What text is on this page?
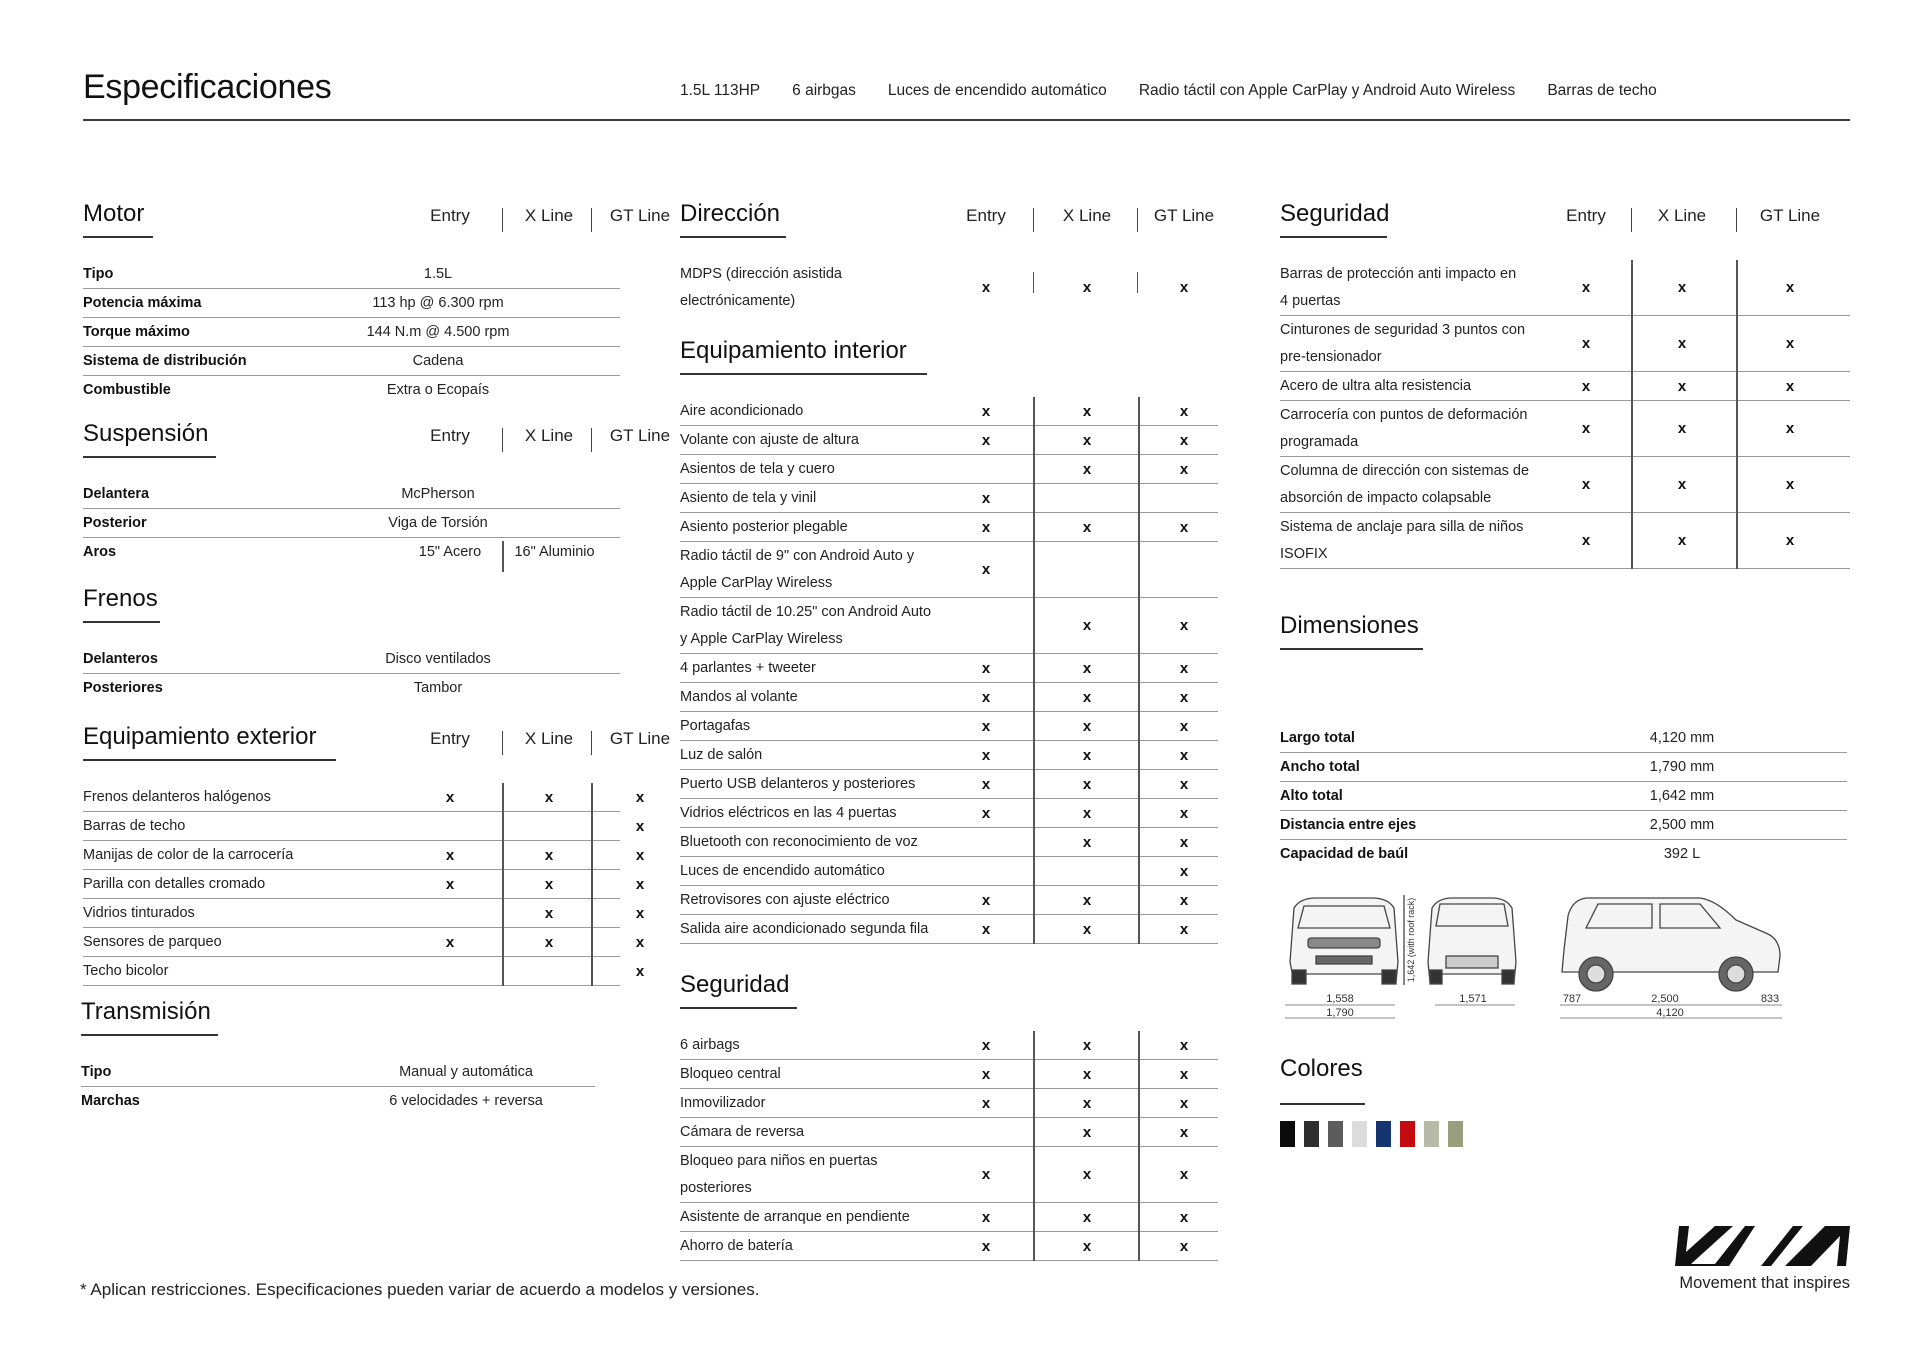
Especificaciones	1.5L 113HP 6 airbgas Luces de encendido automático Radio táctil con Apple CarPlay y Android Auto Wireless Barras de techo
Motor	Entry	X Line GT Line
Tipo	1.5L
Potencia máxima	113 hp @ 6.300 rpm
Torque máximo	144 N.m @ 4.500 rpm
Sistema de distribución	Cadena
Combustible	Extra o Ecopaís
Suspensión	Entry	X Line GT Line
Delantera	McPherson
Posterior	Viga de Torsión
Aros	15" Acero 16" Aluminio
Frenos
Delanteros	Disco ventilados
Posteriores	Tambor
Equipamiento exterior	Entry	X Line GT Line
Frenos delanteros halógenos	x	x	x
Barras de techo	x
Manijas de color de la carrocería	x	x	x
Parilla con detalles cromado	x	x	x
Vidrios tinturados	x	x
Sensores de parqueo	x	x	x
Techo bicolor	x
Transmisión
Tipo	Manual y automática
Marchas	6 velocidades + reversa
Dirección	Entry	X Line	GT Line
MDPS (dirección asistida
electrónicamente)
x	x	x
Equipamiento interior
Aire acondicionado	x	x	x
Volante con ajuste de altura	x	x	x
Asientos de tela y cuero	x	x
Asiento de tela y vinil	x
Asiento posterior plegable	x	x	x
Radio táctil de 9" con Android Auto y
Apple CarPlay Wireless
x
Radio táctil de 10.25" con Android Auto
y Apple CarPlay Wireless
x	x
4 parlantes + tweeter	x	x	x
Mandos al volante	x	x	x
Portagafas	x	x	x
Luz de salón	x	x	x
Puerto USB delanteros y posteriores	x	x	x
Vidrios eléctricos en las 4 puertas	x	x	x
Bluetooth con reconocimiento de voz	x	x
Luces de encendido automático	x
Retrovisores con ajuste eléctrico	x	x	x
Salida aire acondicionado segunda fila	x	x	x
Seguridad
6 airbags	x	x	x
Bloqueo central	x	x	x
Inmovilizador	x	x	x
Cámara de reversa	x	x
Bloqueo para niños en puertas
posteriores
x	x	x
Asistente de arranque en pendiente	x	x	x
Ahorro de batería	x	x	x
Seguridad	Entry	X Line	GT Line
Barras de protección anti impacto en
4 puertas
x	x	x
Cinturones de seguridad 3 puntos con
pre-tensionador
x	x	x
Acero de ultra alta resistencia	x	x	x
Carrocería con puntos de deformación
programada
x	x	x
Columna de dirección con sistemas de
absorción de impacto colapsable
x	x	x
Sistema de anclaje para silla de niños
ISOFIX
x	x	x
Dimensiones
Largo total	4,120 mm
Ancho total	1,790 mm
Alto total	1,642 mm
Distancia entre ejes	2,500 mm
Capacidad de baúl	392 L
1,558
1,790
1,571	787	2,500	833
4,120
1,642 (with roof rack)
Colores
* Aplican restricciones. Especificaciones pueden variar de acuerdo a modelos y versiones.	Movement that inspires
